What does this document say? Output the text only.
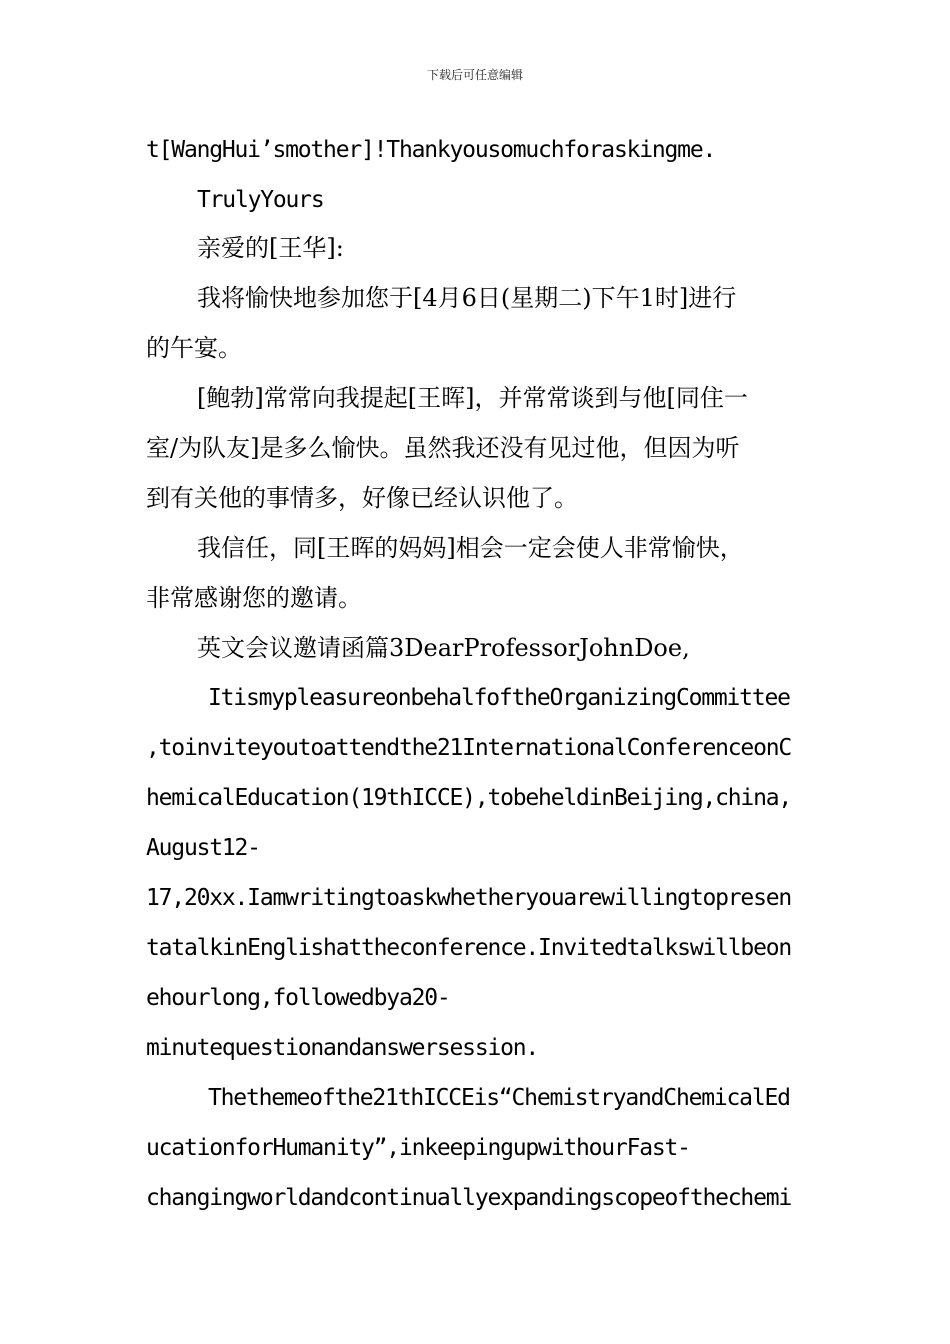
下载后可任意编辑
t[WangHui’smother]!Thankyousomuchforaskingme.
TrulyYours
亲爱的[王华]:
我将愉快地参加您于[4月6日(星期二)下午1时]进行
的午宴。
[鲍勃]常常向我提起[王晖]，并常常谈到与他[同住一
室/为队友]是多么愉快。虽然我还没有见过他，但因为听
到有关他的事情多，好像已经认识他了。
我信任，同[王晖的妈妈]相会一定会使人非常愉快，
非常感谢您的邀请。
英文会议邀请函篇3DearProfessorJohnDoe,
ItismypleasureonbehalfoftheOrganizingCommittee
,toinviteyoutoattendthe21InternationalConferenceonC
hemicalEducation(19thICCE),tobeheldinBeijing,china,
August12-
17,20xx.Iamwritingtoaskwhetheryouarewillingtopresen
tatalkinEnglishattheconference.Invitedtalkswillbeon
ehourlong,followedbya20-
minutequestionandanswersession.
Thethemeofthe21thICCEis“ChemistryandChemicalEd
ucationforHumanity”,inkeepingupwithourFast-
changingworldandcontinuallyexpandingscopeofthechemi
